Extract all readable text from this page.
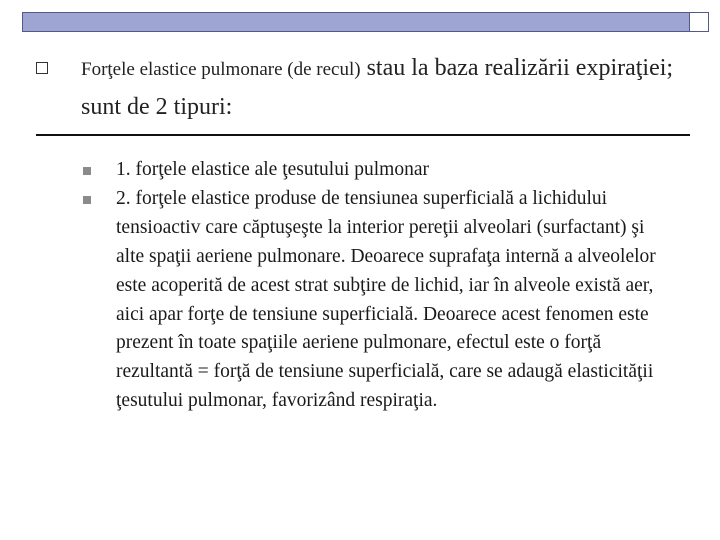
Forţele elastice pulmonare (de recul) stau la baza realizării expiraţiei; sunt de 2 tipuri:
1. forţele elastice ale ţesutului pulmonar
2. forţele elastice produse de tensiunea superficială a lichidului tensioactiv care căptuşeşte la interior pereţii alveolari (surfactant) şi alte spaţii aeriene pulmonare. Deoarece suprafaţa internă a alveolelor este acoperită de acest strat subţire de lichid, iar în alveole există aer, aici apar forţe de tensiune superficială. Deoarece acest fenomen este prezent în toate spaţiile aeriene pulmonare, efectul este o forţă rezultantă = forţă de tensiune superficială, care se adaugă elasticităţii ţesutului pulmonar, favorizând respiraţia.
